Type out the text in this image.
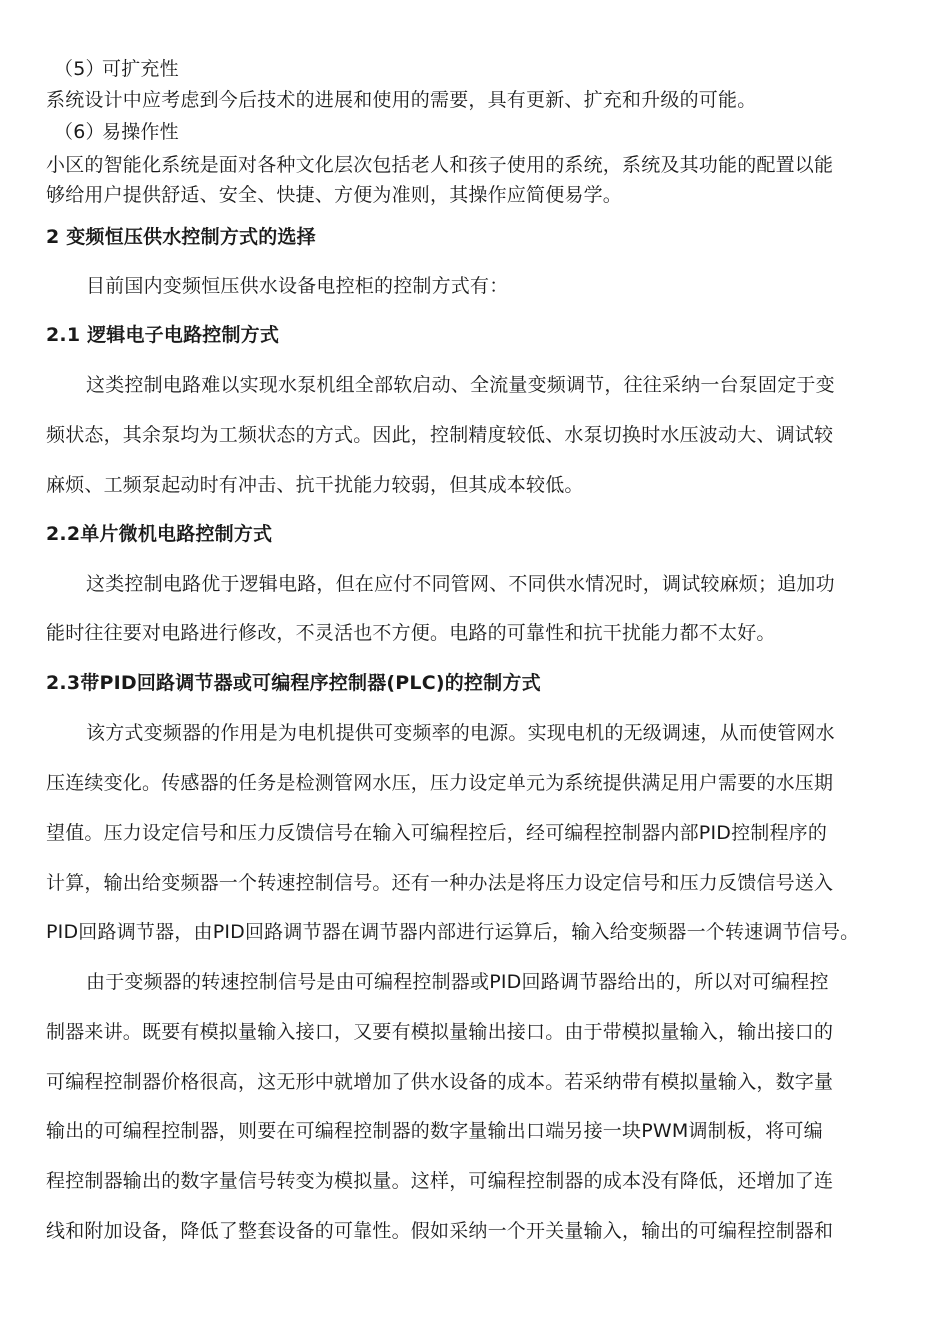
（5）可扩充性
系统设计中应考虑到今后技术的进展和使用的需要，具有更新、扩充和升级的可能。
（6）易操作性
小区的智能化系统是面对各种文化层次包括老人和孩子使用的系统，系统及其功能的配置以能
够给用户提供舒适、安全、快捷、方便为准则，其操作应简便易学。
2 变频恒压供水控制方式的选择
目前国内变频恒压供水设备电控柜的控制方式有：
2.1 逻辑电子电路控制方式
这类控制电路难以实现水泵机组全部软启动、全流量变频调节，往往采纳一台泵固定于变
频状态，其余泵均为工频状态的方式。因此，控制精度较低、水泵切换时水压波动大、调试较
麻烦、工频泵起动时有冲击、抗干扰能力较弱，但其成本较低。
2.2单片微机电路控制方式
这类控制电路优于逻辑电路，但在应付不同管网、不同供水情况时，调试较麻烦；追加功
能时往往要对电路进行修改，不灵活也不方便。电路的可靠性和抗干扰能力都不太好。
2.3带PID回路调节器或可编程序控制器(PLC)的控制方式
该方式变频器的作用是为电机提供可变频率的电源。实现电机的无级调速，从而使管网水
压连续变化。传感器的任务是检测管网水压，压力设定单元为系统提供满足用户需要的水压期
望值。压力设定信号和压力反馈信号在输入可编程控后，经可编程控制器内部PID控制程序的
计算，输出给变频器一个转速控制信号。还有一种办法是将压力设定信号和压力反馈信号送入
PID回路调节器，由PID回路调节器在调节器内部进行运算后，输入给变频器一个转速调节信号。
由于变频器的转速控制信号是由可编程控制器或PID回路调节器给出的，所以对可编程控
制器来讲。既要有模拟量输入接口，又要有模拟量输出接口。由于带模拟量输入，输出接口的
可编程控制器价格很高，这无形中就增加了供水设备的成本。若采纳带有模拟量输入，数字量
输出的可编程控制器，则要在可编程控制器的数字量输出口端另接一块PWM调制板，将可编
程控制器输出的数字量信号转变为模拟量。这样，可编程控制器的成本没有降低，还增加了连
线和附加设备，降低了整套设备的可靠性。假如采纳一个开关量输入，输出的可编程控制器和
